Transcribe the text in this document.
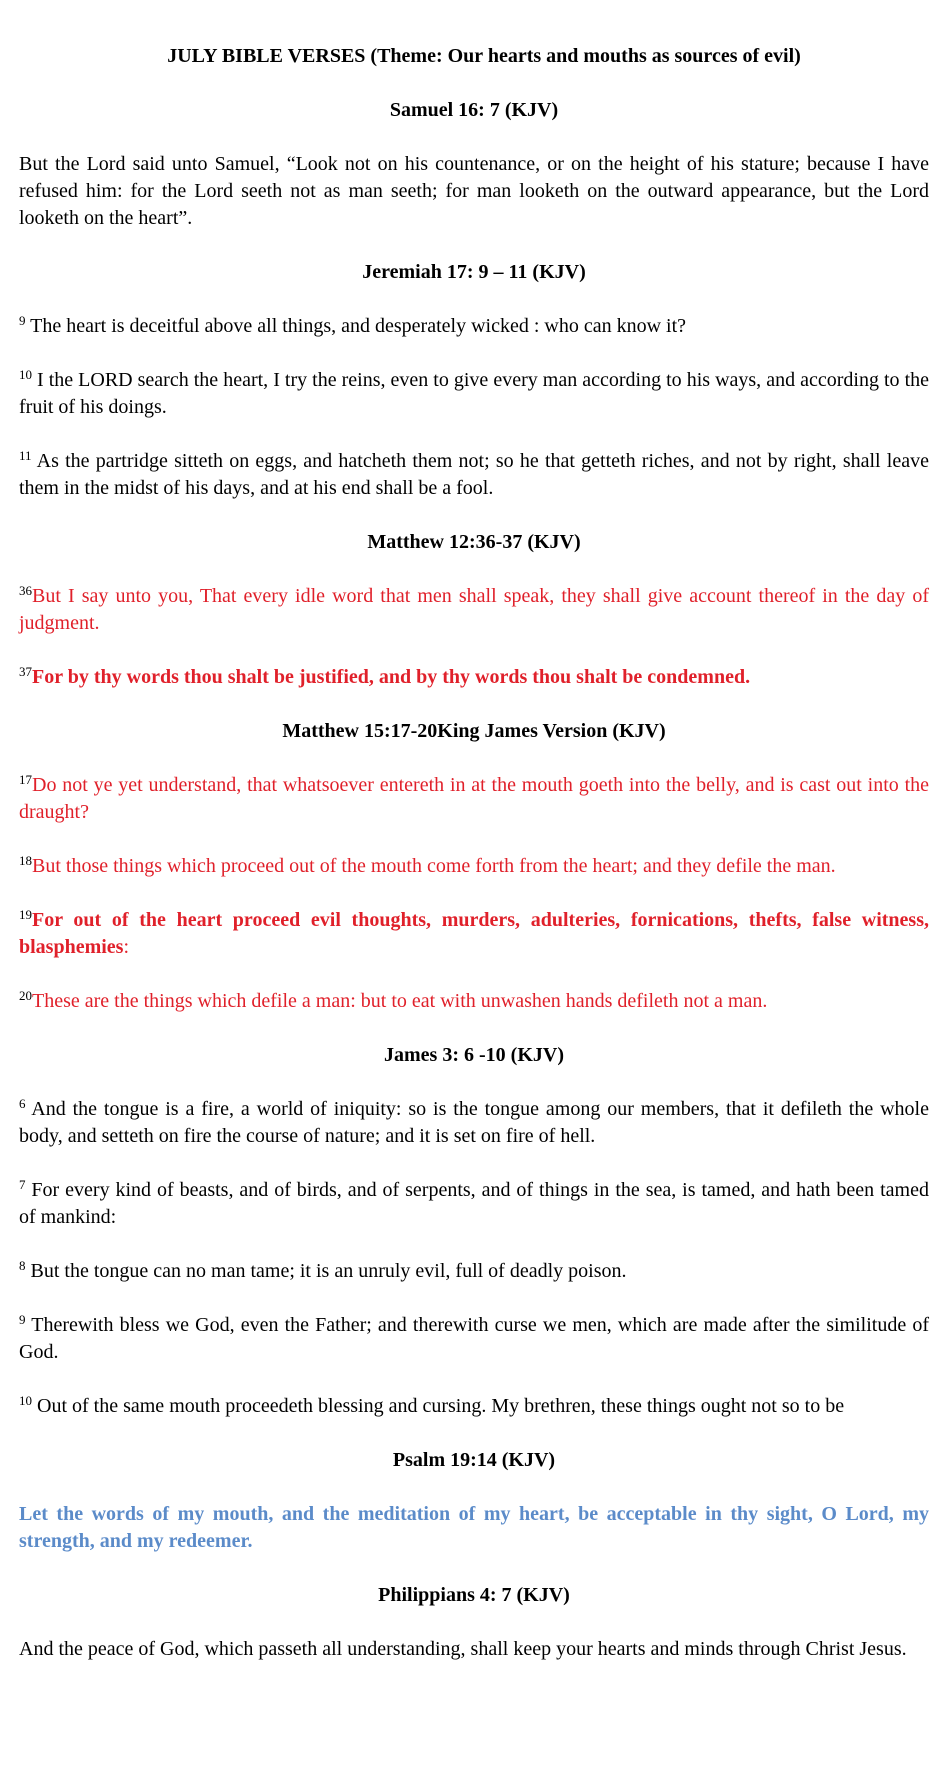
JULY BIBLE VERSES (Theme: Our hearts and mouths as sources of evil)
Samuel 16: 7 (KJV)

But the Lord said unto Samuel, “Look not on his countenance, or on the height of his stature; because I have refused him: for the Lord seeth not as man seeth; for man looketh on the outward appearance, but the Lord looketh on the heart”.

Jeremiah 17: 9 – 11 (KJV)

$^9$ The heart is deceitful above all things, and desperately wicked : who can know it?

$^{10}$ I the LORD search the heart, I try the reins, even to give every man according to his ways, and according to the fruit of his doings.

$^{11}$ As the partridge sitteth on eggs, and hatcheth them not; so he that getteth riches, and not by right, shall leave them in the midst of his days, and at his end shall be a fool.

Matthew 12:36-37 (KJV)

$^{36}$But I say unto you, That every idle word that men shall speak, they shall give account thereof in the day of judgment.

$^{37}$For by thy words thou shalt be justified, and by thy words thou shalt be condemned.

Matthew 15:17-20King James Version (KJV)

$^{17}$Do not ye yet understand, that whatsoever entereth in at the mouth goeth into the belly, and is cast out into the draught?

$^{18}$But those things which proceed out of the mouth come forth from the heart; and they defile the man.

$^{19}$For out of the heart proceed evil thoughts, murders, adulteries, fornications, thefts, false witness, blasphemies:

$^{20}$These are the things which defile a man: but to eat with unwashen hands defileth not a man.

James 3: 6 -10 (KJV)

$^6$ And the tongue is a fire, a world of iniquity: so is the tongue among our members, that it defileth the whole body, and setteth on fire the course of nature; and it is set on fire of hell.

$^7$ For every kind of beasts, and of birds, and of serpents, and of things in the sea, is tamed, and hath been tamed of mankind:

$^8$ But the tongue can no man tame; it is an unruly evil, full of deadly poison.

$^9$ Therewith bless we God, even the Father; and therewith curse we men, which are made after the similitude of God.

$^{10}$ Out of the same mouth proceedeth blessing and cursing. My brethren, these things ought not so to be

Psalm 19:14 (KJV)

Let the words of my mouth, and the meditation of my heart, be acceptable in thy sight, O Lord, my strength, and my redeemer.

Philippians 4: 7 (KJV)

And the peace of God, which passeth all understanding, shall keep your hearts and minds through Christ Jesus.
